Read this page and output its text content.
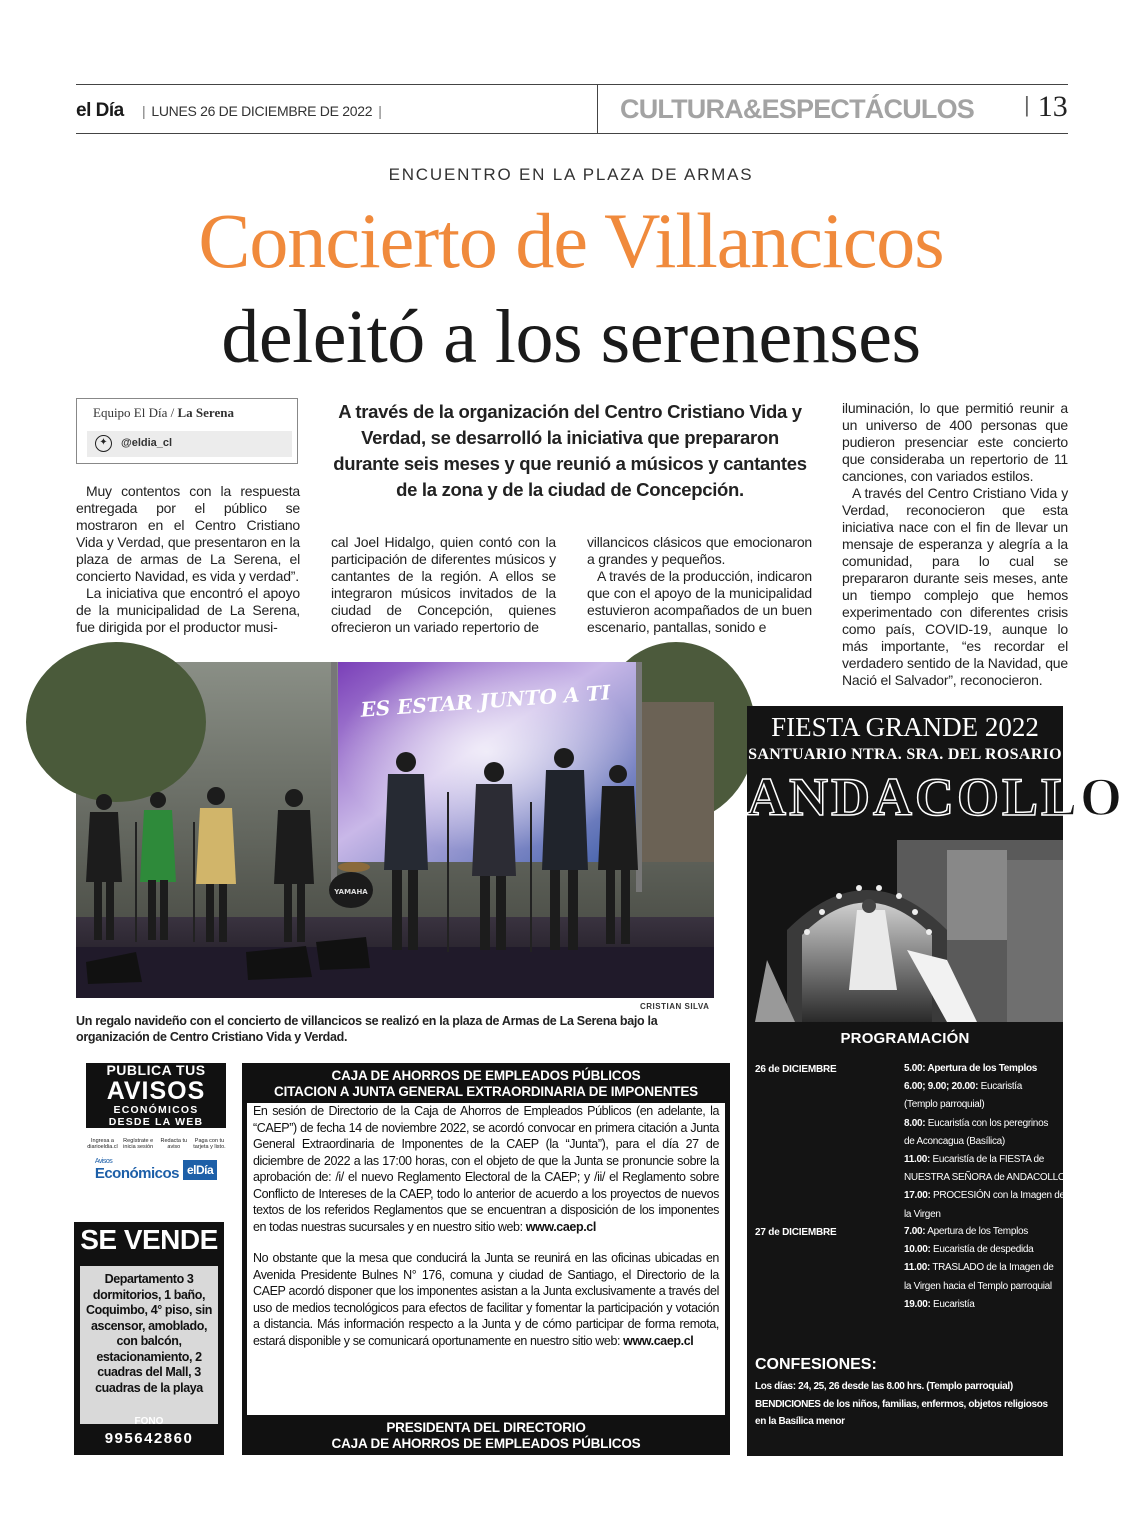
el Día	| LUNES 26 DE DICIEMBRE DE 2022 |	CULTURA&ESPECTÁCULOS | 13
ENCUENTRO EN LA PLAZA DE ARMAS
Concierto de Villancicos
deleitó a los serenenses
Equipo El Día / La Serena
✦	@eldia_cl
A través de la organización del Centro Cristiano Vida y Verdad, se desarrolló la iniciativa que prepararon durante seis meses y que reunió a músicos y cantantes de la zona y de la ciudad de Concepción.

Muy contentos con la respuesta entregada por el público se mostraron en el Centro Cristiano Vida y Verdad, que presentaron en la plaza de armas de La Serena, el concierto Navidad, es vida y verdad”.

La iniciativa que encontró el apoyo de la municipalidad de La Serena, fue dirigida por el productor musi-

cal Joel Hidalgo, quien contó con la participación de diferentes músicos y cantantes de la región. A ellos se integraron músicos invitados de la ciudad de Concepción, quienes ofrecieron un variado repertorio de

villancicos clásicos que emocionaron a grandes y pequeños.

A través de la producción, indicaron que con el apoyo de la municipalidad estuvieron acompañados de un buen escenario, pantallas, sonido e

iluminación, lo que permitió reunir a un universo de 400 personas que pudieron presenciar este concierto que consideraba un repertorio de 11 canciones, con variados estilos.

A través del Centro Cristiano Vida y Verdad, reconocieron que esta iniciativa nace con el fin de llevar un mensaje de esperanza y alegría a la comunidad, para lo cual se prepararon durante seis meses, ante un tiempo complejo que hemos experimentado con diferentes crisis como país, COVID-19, aunque lo más importante, “es recordar el verdadero sentido de la Navidad, que Nació el Salvador”, reconocieron.

ES ESTAR JUNTO A TI
YAMAHA
CRISTIAN SILVA
Un regalo navideño con el concierto de villancicos se realizó en la plaza de Armas de La Serena bajo la organización de Centro Cristiano Vida y Verdad.
PUBLICA TUS
AVISOS
ECONÓMICOS
DESDE LA WEB
Ingresa a diarioeldia.cl
Regístrate e inicia sesión
Redacta tu aviso
Paga con tu tarjeta y listo.
Avisos
Económicos elDía
SE VENDE
Departamento 3 dormitorios, 1 baño, Coquimbo, 4° piso, sin ascensor, amoblado, con balcón, estacionamiento, 2 cuadras del Mall, 3 cuadras de la playa
FONO
995642860
CAJA DE AHORROS DE EMPLEADOS PÚBLICOS
CITACION A JUNTA GENERAL EXTRAORDINARIA DE IMPONENTES

En sesión de Directorio de la Caja de Ahorros de Empleados Públicos (en adelante, la “CAEP”) de fecha 14 de noviembre 2022, se acordó convocar en primera citación a Junta General Extraordinaria de Imponentes de la CAEP (la “Junta”), para el día 27 de diciembre de 2022 a las 17:00 horas, con el objeto de que la Junta se pronuncie sobre la aprobación de: /i/ el nuevo Reglamento Electoral de la CAEP; y /ii/ el Reglamento sobre Conflicto de Intereses de la CAEP, todo lo anterior de acuerdo a los proyectos de nuevos textos de los referidos Reglamentos que se encuentran a disposición de los imponentes en todas nuestras sucursales y en nuestro sitio web: www.caep.cl

No obstante que la mesa que conducirá la Junta se reunirá en las oficinas ubicadas en Avenida Presidente Bulnes N° 176, comuna y ciudad de Santiago, el Directorio de la CAEP acordó disponer que los imponentes asistan a la Junta exclusivamente a través del uso de medios tecnológicos para efectos de facilitar y fomentar la participación y votación a distancia. Más información respecto a la Junta y de cómo participar de forma remota, estará disponible y se comunicará oportunamente en nuestro sitio web: www.caep.cl

PRESIDENTA DEL DIRECTORIO
CAJA DE AHORROS DE EMPLEADOS PÚBLICOS
FIESTA GRANDE 2022
SANTUARIO NTRA. SRA. DEL ROSARIO
ANDACOLLO
PROGRAMACIÓN
26 de DICIEMBRE	5.00: Apertura de los Templos
6.00; 9.00; 20.00: Eucaristía
(Templo parroquial)
8.00: Eucaristía con los peregrinos
de Aconcagua (Basílica)
11.00: Eucaristía de la FIESTA de
NUESTRA SEÑORA de ANDACOLLO:
17.00: PROCESIÓN con la Imagen de
la Virgen
27 de DICIEMBRE	7.00: Apertura de los Templos
10.00: Eucaristía de despedida
11.00: TRASLADO de la Imagen de
la Virgen hacia el Templo parroquial
19.00: Eucaristía
CONFESIONES:
Los días: 24, 25, 26 desde las 8.00 hrs. (Templo parroquial)
BENDICIONES de los niños, familias, enfermos, objetos religiosos en la Basílica menor
